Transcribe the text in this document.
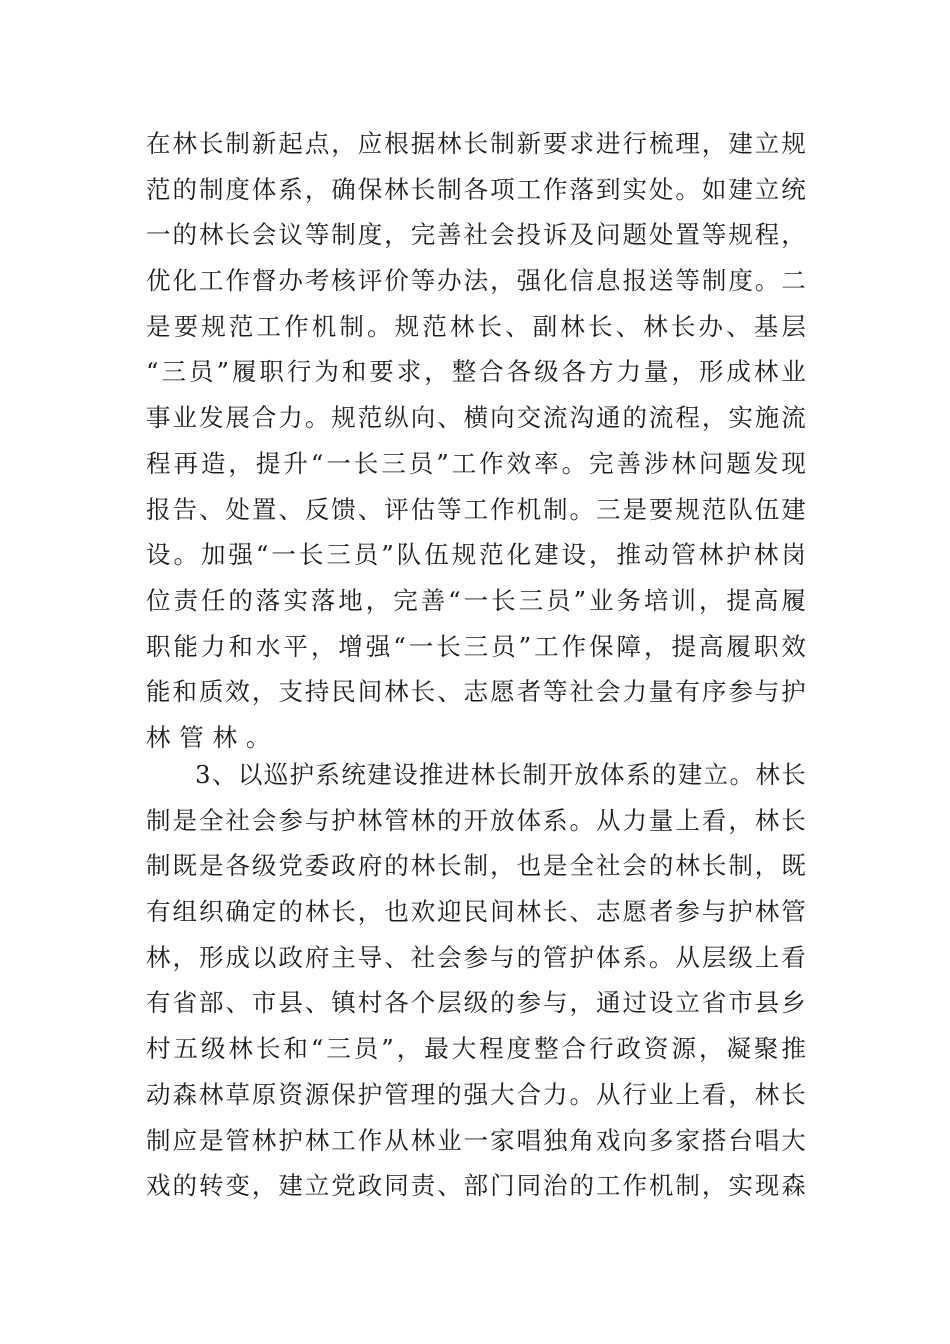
在 林 长 制 新 起 点 ， 应 根 据 林 长 制 新 要 求 进 行 梳 理 ， 建 立 规
范 的 制 度 体 系 ， 确 保 林 长 制 各 项 工 作 落 到 实 处 。 如 建 立 统
一 的 林 长 会 议 等 制 度 ， 完 善 社 会 投 诉 及 问 题 处 置 等 规 程 ，
优 化 工 作 督 办 考 核 评 价 等 办 法 ， 强 化 信 息 报 送 等 制 度 。 二
是 要 规 范 工 作 机 制 。 规 范 林 长 、 副 林 长 、 林 长 办 、 基 层
“ 三 员 ” 履 职 行 为 和 要 求 ， 整 合 各 级 各 方 力 量 ， 形 成 林 业
事 业 发 展 合 力 。 规 范 纵 向 、 横 向 交 流 沟 通 的 流 程 ， 实 施 流
程 再 造 ， 提 升 “ 一 长 三 员 ” 工 作 效 率 。 完 善 涉 林 问 题 发 现
报 告 、 处 置 、 反 馈 、 评 估 等 工 作 机 制 。 三 是 要 规 范 队 伍 建
设 。 加 强 “ 一 长 三 员 ” 队 伍 规 范 化 建 设 ， 推 动 管 林 护 林 岗
位 责 任 的 落 实 落 地 ， 完 善 “ 一 长 三 员 ” 业 务 培 训 ， 提 高 履
职 能 力 和 水 平 ， 增 强 “ 一 长 三 员 ” 工 作 保 障 ， 提 高 履 职 效
能 和 质 效 ， 支 持 民 间 林 长 、 志 愿 者 等 社 会 力 量 有 序 参 与 护
林 管 林 。
3 、 以 巡 护 系 统 建 设 推 进 林 长 制 开 放 体 系 的 建 立 。 林 长
制 是 全 社 会 参 与 护 林 管 林 的 开 放 体 系 。 从 力 量 上 看 ， 林 长
制 既 是 各 级 党 委 政 府 的 林 长 制 ， 也 是 全 社 会 的 林 长 制 ， 既
有 组 织 确 定 的 林 长 ， 也 欢 迎 民 间 林 长 、 志 愿 者 参 与 护 林 管
林 ， 形 成 以 政 府 主 导 、 社 会 参 与 的 管 护 体 系 。 从 层 级 上 看
有 省 部 、 市 县 、 镇 村 各 个 层 级 的 参 与 ， 通 过 设 立 省 市 县 乡
村 五 级 林 长 和 “ 三 员 ” ， 最 大 程 度 整 合 行 政 资 源 ， 凝 聚 推
动 森 林 草 原 资 源 保 护 管 理 的 强 大 合 力 。 从 行 业 上 看 ， 林 长
制 应 是 管 林 护 林 工 作 从 林 业 一 家 唱 独 角 戏 向 多 家 搭 台 唱 大
戏 的 转 变 ， 建 立 党 政 同 责 、 部 门 同 治 的 工 作 机 制 ， 实 现 森
